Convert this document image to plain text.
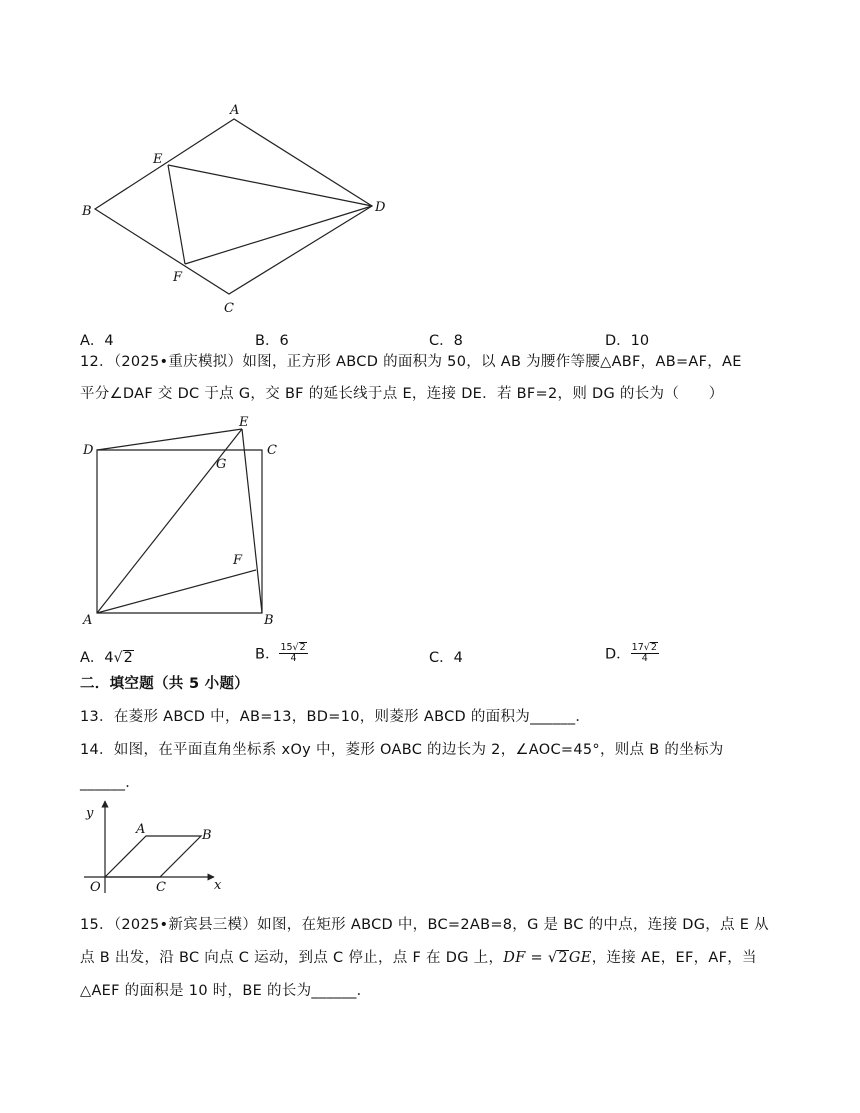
A
E
B	D
F
C
A．4	B．6	C．8	D．10
12．（2025•重庆模拟）如图，正方形 ABCD 的面积为 50，以 AB 为腰作等腰△ABF，AB=AF，AE
平分∠DAF 交 DC 于点 G，交 BF 的延长线于点 E，连接 DE．若 BF=2，则 DG 的长为（　　）
D
E
C
G
F
A	B
A．4√2	B． $\frac{15√2}{4}$	C．4	D． $\frac{17√2}{4}$
二．填空题（共 5 小题）
13．在菱形 ABCD 中，AB=13，BD=10，则菱形 ABCD 的面积为______．
14．如图，在平面直角坐标系 xOy 中，菱形 OABC 的边长为 2，∠AOC=45°，则点 B 的坐标为
______．
y
A	B
O	C	x
15．（2025•新宾县三模）如图，在矩形 ABCD 中，BC=2AB=8，G 是 BC 的中点，连接 DG，点 E 从
点 B 出发，沿 BC 向点 C 运动，到点 C 停止，点 F 在 DG 上，DF = √2GE，连接 AE，EF，AF，当
△AEF 的面积是 10 时，BE 的长为______．
